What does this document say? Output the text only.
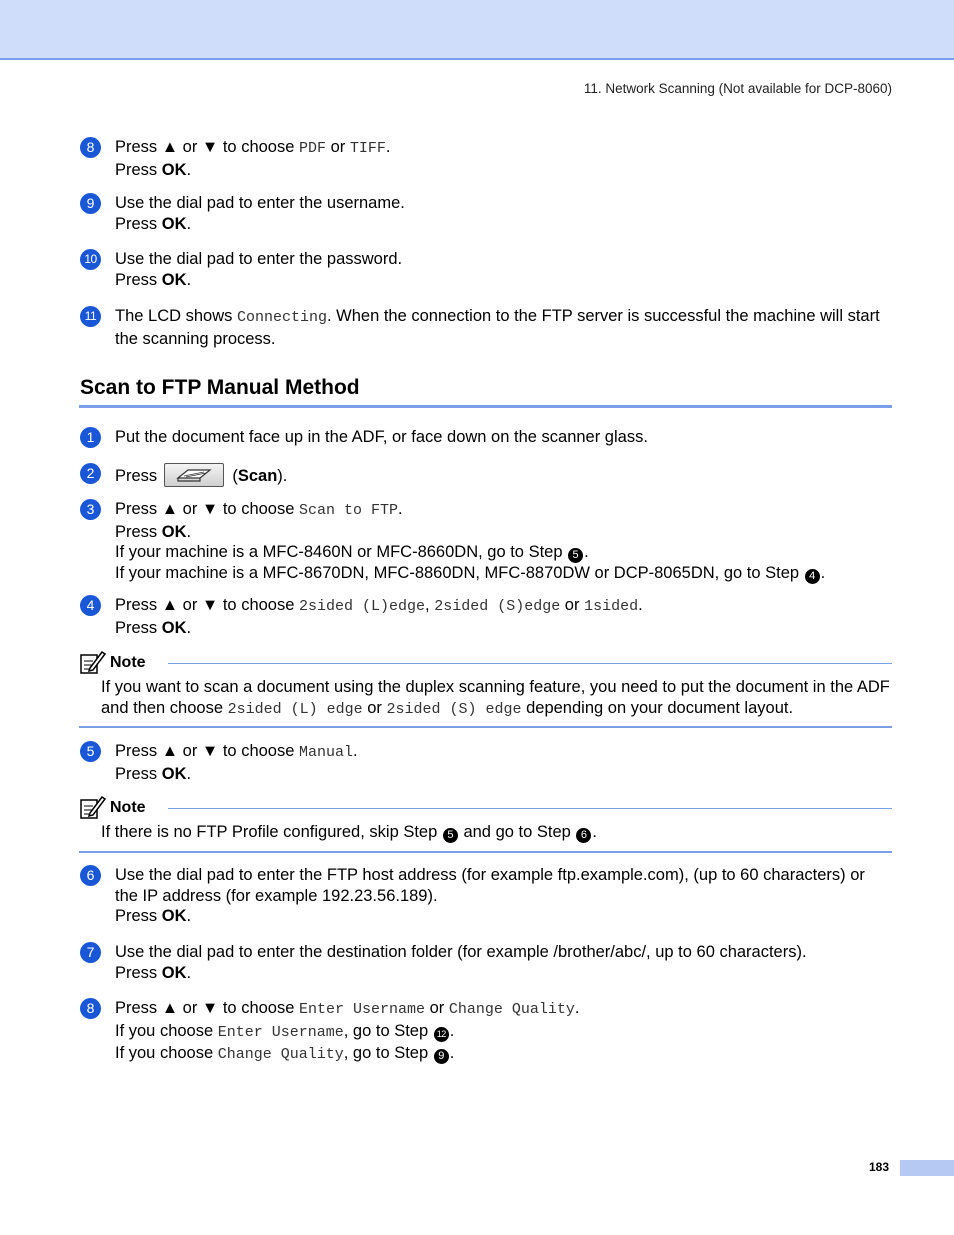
11. Network Scanning (Not available for DCP-8060)
8	Press ▲ or ▼ to choose PDF or TIFF.
Press OK.
9	Use the dial pad to enter the username.
Press OK.
10 Use the dial pad to enter the password.
Press OK.
11 The LCD shows Connecting. When the connection to the FTP server is successful the machine will start the scanning process.
Scan to FTP Manual Method
1	Put the document face up in the ADF, or face down on the scanner glass.
2	Press	(Scan).
3	Press ▲ or ▼ to choose Scan to FTP.
Press OK.
If your machine is a MFC-8460N or MFC-8660DN, go to Step 5 .
If your machine is a MFC-8670DN, MFC-8860DN, MFC-8870DW or DCP-8065DN, go to Step 4 .
4	Press ▲ or ▼ to choose 2sided (L)edge, 2sided (S)edge or 1sided.
Press OK.
Note
If you want to scan a document using the duplex scanning feature, you need to put the document in the ADF and then choose 2sided (L) edge or 2sided (S) edge depending on your document layout.
5	Press ▲ or ▼ to choose Manual.
Press OK.
Note
If there is no FTP Profile configured, skip Step 5 and go to Step 6 .
6	Use the dial pad to enter the FTP host address (for example ftp.example.com), (up to 60 characters) or the IP address (for example 192.23.56.189).
Press OK.
7	Use the dial pad to enter the destination folder (for example /brother/abc/, up to 60 characters).
Press OK.
8	Press ▲ or ▼ to choose Enter Username or Change Quality.
If you choose Enter Username, go to Step 12 .
If you choose Change Quality, go to Step 9 .
183
